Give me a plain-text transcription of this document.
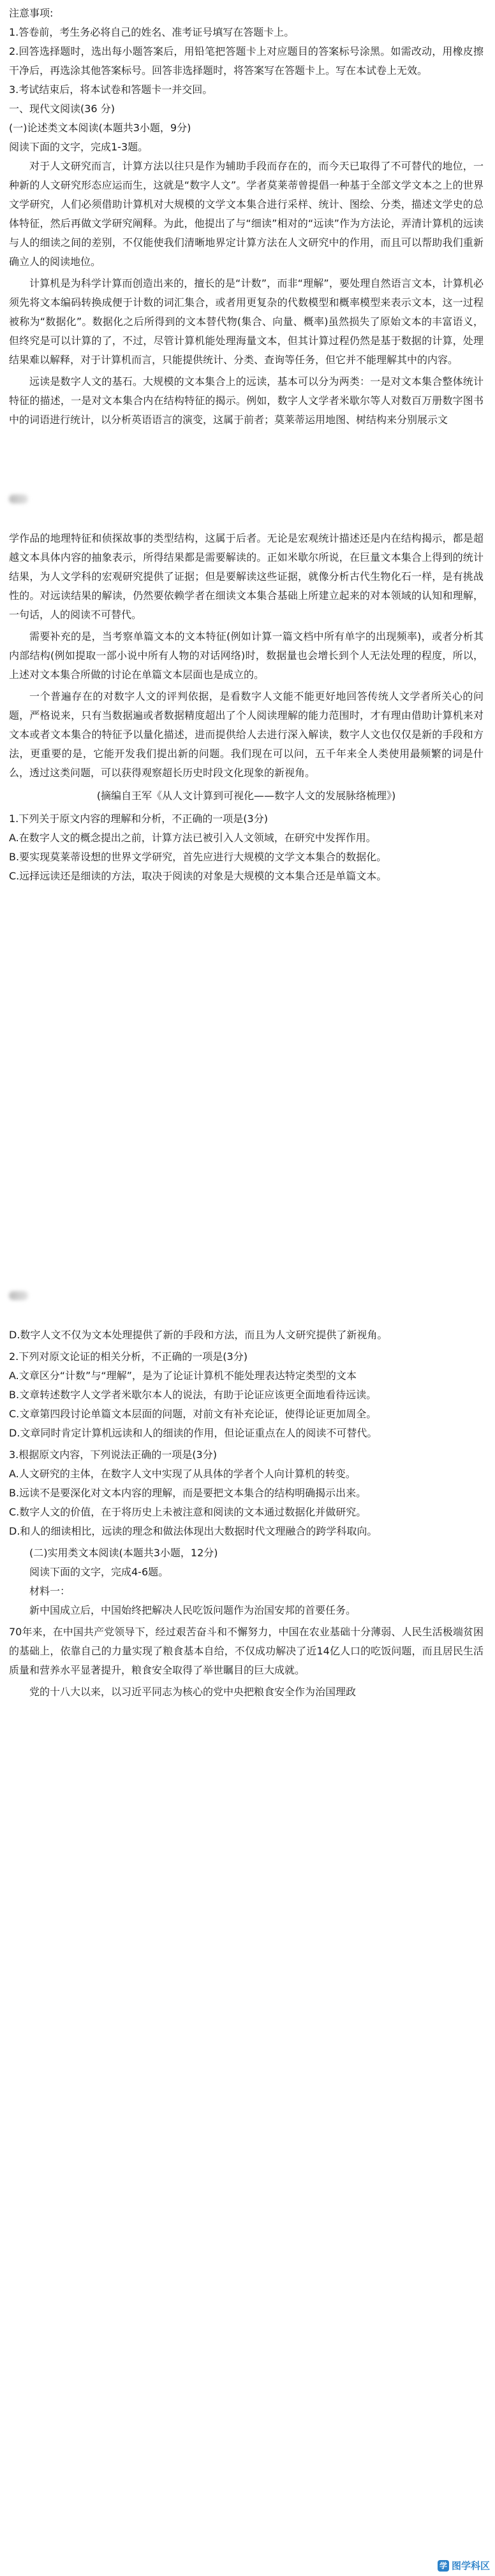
注意事项:

1.答卷前，考生务必将自己的姓名、准考证号填写在答题卡上。

2.回答选择题时，选出每小题答案后，用铅笔把答题卡上对应题目的答案标号涂黑。如需改动，用橡皮擦干净后，再选涂其他答案标号。回答非选择题时，将答案写在答题卡上。写在本试卷上无效。

3.考试结束后，将本试卷和答题卡一并交回。

一、现代文阅读(36 分)

(一)论述类文本阅读(本题共3小题，9分)

阅读下面的文字，完成1-3题。

对于人文研究而言，计算方法以往只是作为辅助手段而存在的，而今天已取得了不可替代的地位，一种新的人文研究形态应运而生，这就是“数字人文”。学者莫莱蒂曾提倡一种基于全部文学文本之上的世界文学研究，人们必须借助计算机对大规模的文学文本集合进行采样、统计、图绘、分类，描述文学史的总体特征，然后再做文学研究阐释。为此，他提出了与“细读”相对的“远读”作为方法论，弄清计算机的远读与人的细读之间的差别，不仅能使我们清晰地界定计算方法在人文研究中的作用，而且可以帮助我们重新确立人的阅读地位。

计算机是为科学计算而创造出来的，擅长的是“计数”，而非“理解”，要处理自然语言文本，计算机必须先将文本编码转换成便于计数的词汇集合，或者用更复杂的代数模型和概率模型来表示文本，这一过程被称为“数据化”。数据化之后所得到的文本替代物(集合、向量、概率)虽然损失了原始文本的丰富语义，但终究是可以计算的了，不过，尽管计算机能处理海量文本，但其计算过程仍然是基于数据的计算，处理结果难以解释，对于计算机而言，只能提供统计、分类、查询等任务，但它并不能理解其中的内容。

远读是数字人文的基石。大规模的文本集合上的远读，基本可以分为两类：一是对文本集合整体统计特征的描述，一是对文本集合内在结构特征的揭示。例如，数字人文学者米歇尔等人对数百万册数字图书中的词语进行统计，以分析英语语言的演变，这属于前者；莫莱蒂运用地图、树结构来分别展示文

学作品的地理特征和侦探故事的类型结构，这属于后者。无论是宏观统计描述还是内在结构揭示，都是超越文本具体内容的抽象表示，所得结果都是需要解读的。正如米歇尔所说，在巨量文本集合上得到的统计结果，为人文学科的宏观研究提供了证据；但是要解读这些证据，就像分析古代生物化石一样，是有挑战性的。对远读结果的解读，仍然要依赖学者在细读文本集合基础上所建立起来的对本领域的认知和理解，一句话，人的阅读不可替代。

需要补充的是，当考察单篇文本的文本特征(例如计算一篇文档中所有单字的出现频率)，或者分析其内部结构(例如提取一部小说中所有人物的对话网络)时，数据量也会增长到个人无法处理的程度，所以，上述对文本集合所做的讨论在单篇文本层面也是成立的。

一个普遍存在的对数字人文的评判依据，是看数字人文能不能更好地回答传统人文学者所关心的问题，严格说来，只有当数据遍或者数据精度超出了个人阅读理解的能力范围时，才有理由借助计算机来对文本或者文本集合的特征予以量化描述，进而提供给人去进行深入解读，数字人文也仅仅是新的手段和方法，更重要的是，它能开发我们提出新的问题。我们现在可以问，五千年来全人类使用最频繁的词是什么，透过这类问题，可以获得观察超长历史时段文化现象的新视角。

(摘编自王军《从人文计算到可视化——数字人文的发展脉络梳理》)

1.下列关于原文内容的理解和分析，不正确的一项是(3分)

A.在数字人文的概念提出之前，计算方法已被引入人文领域，在研究中发挥作用。

B.要实现莫莱蒂设想的世界文学研究，首先应进行大规模的文学文本集合的数据化。

C.远择远读还是细读的方法，取决于阅读的对象是大规模的文本集合还是单篇文本。

D.数字人文不仅为文本处理提供了新的手段和方法，而且为人文研究提供了新视角。

2.下列对原文论证的相关分析，不正确的一项是(3分)

A.文章区分“计数”与“理解”，是为了论证计算机不能处理表达特定类型的文本

B.文章转述数字人文学者米歇尔本人的说法，有助于论证应该更全面地看待远读。

C.文章第四段讨论单篇文本层面的问题，对前文有补充论证，使得论证更加周全。

D.文章同时肯定计算机远读和人的细读的作用，但论证重点在人的阅读不可替代。

3.根据原文内容，下列说法正确的一项是(3分)

A.人文研究的主体，在数字人文中实现了从具体的学者个人向计算机的转变。

B.远读不是要深化对文本内容的理解，而是要把文本集合的结构明确揭示出来。

C.数字人文的价值，在于将历史上未被注意和阅读的文本通过数据化并做研究。

D.和人的细读相比，远读的理念和做法体现出大数据时代文理融合的跨学科取向。

(二)实用类文本阅读(本题共3小题，12分)

阅读下面的文字，完成4-6题。

材料一：

新中国成立后，中国始终把解决人民吃饭问题作为治国安邦的首要任务。

70年来，在中国共产党领导下，经过艰苦奋斗和不懈努力，中国在农业基础十分薄弱、人民生活极端贫困的基础上，依靠自己的力量实现了粮食基本自给，不仅成功解决了近14亿人口的吃饭问题，而且居民生活质量和营养水平显著提升，粮食安全取得了举世瞩目的巨大成就。

党的十八大以来，以习近平同志为核心的党中央把粮食安全作为治国理政

学 图学科区
